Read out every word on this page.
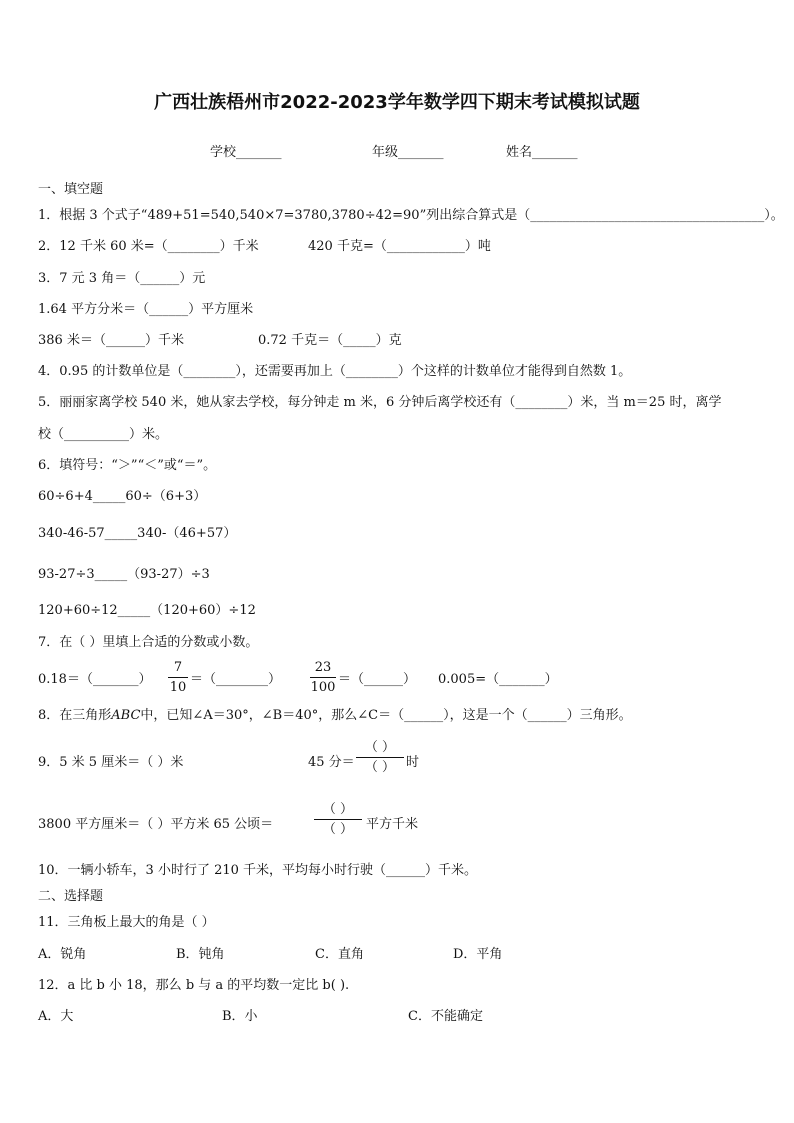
广西壮族梧州市2022-2023学年数学四下期末考试模拟试题
学校_______	年级_______	姓名_______
一、填空题
1．根据 3 个式子“489+51=540,540×7=3780,3780÷42=90”列出综合算式是（____________________________________）。
2．12 千米 60 米=（________）千米	420 千克=（____________）吨
3．7 元 3 角＝（______）元
1.64 平方分米＝（______）平方厘米
386 米＝（______）千米	0.72 千克＝（_____）克
4．0.95 的计数单位是（________），还需要再加上（________）个这样的计数单位才能得到自然数 1。
5．丽丽家离学校 540 米，她从家去学校，每分钟走 m 米，6 分钟后离学校还有（________）米，当 m＝25 时，离学
校（__________）米。
6．填符号：“＞”“＜”或“＝”。
60÷6+4_____60÷（6+3）
340-46-57_____340-（46+57）
93-27÷3_____（93-27）÷3
120+60÷12_____（120+60）÷12
7．在（ ）里填上合适的分数或小数。
0.18＝（_______）
7
10
＝（________）
23
100
＝（______） 0.005=（_______）
8．在三角形ABC中，已知∠A＝30°，∠B＝40°，那么∠C＝（______），这是一个（______）三角形。
9．5 米 5 厘米＝（ ）米	45 分＝
（ ）
（ ） 时
3800 平方厘米＝（ ）平方米 65 公顷＝
（ ）
（ ） 平方千米
10．一辆小轿车，3 小时行了 210 千米，平均每小时行驶（______）千米。
二、选择题
11．三角板上最大的角是（ ）
A．锐角	B．钝角	C．直角	D．平角
12．a 比 b 小 18，那么 b 与 a 的平均数一定比 b( ).
A．大	B．小	C．不能确定
